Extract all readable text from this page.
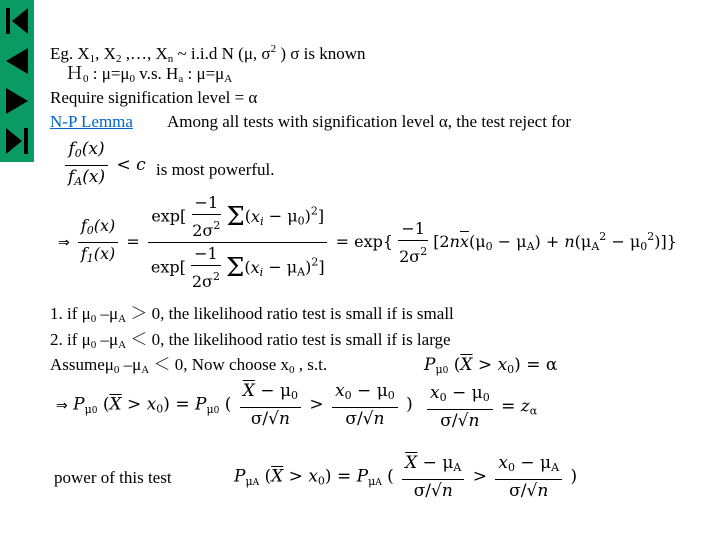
Eg. $X_1$, $X_2$ ,…, $X_n$ ~ i.i.d N (μ, $\sigma^2$ ) σ is known
Ｈ$_0$ : $\mu=\mu_0$ v.s. $H_a$ : $\mu=\mu_A$
Require signification level = α
N-P Lemma Among all tests with signification level α, the test reject for
$\frac{f_0(x)}{f_A(x)} < c$ is most powerful.
⇒ $\frac{f_0(x)}{f_1(x)} = \frac{\exp[ \frac{-1}{2\sigma^2} \Sigma(x_i - \mu_0)^2]}{\exp[ \frac{-1}{2\sigma^2} \Sigma(x_i - \mu_A)^2]} = \exp\{ \frac{-1}{2\sigma^2} [2n\overline{x}(\mu_0 - \mu_A) + n(\mu_A^2 - \mu_0^2)]\}$
1. if $\mu_0$ $-\mu_A > 0$, the likelihood ratio test is small if is small
2. if $\mu_0$ $-\mu_A < 0$, the likelihood ratio test is small if is large
Assumeμ$_0$ $-\mu_A < 0$, Now choose $x_0$ , s.t.	$P_{\mu 0}$ $(\overline{X} > x_0) = \alpha$
⇒ $P_{\mu 0}$ $(\overline{X} > x_0) = P_{\mu 0}$ ( $\frac{\overline{X} - \mu_0}{\sigma/√n} > \frac{x_0 - \mu_0}{\sigma/√n}$ ) $\frac{x_0 - \mu_0}{\sigma/√n} = z_\alpha$
power of this test	$P_{\mu A}$ $(\overline{X} > x_0) = P_{\mu A}$ ( $\frac{\overline{X} - \mu_A}{\sigma/√n} > \frac{x_0 - \mu_A}{\sigma/√n}$ )
